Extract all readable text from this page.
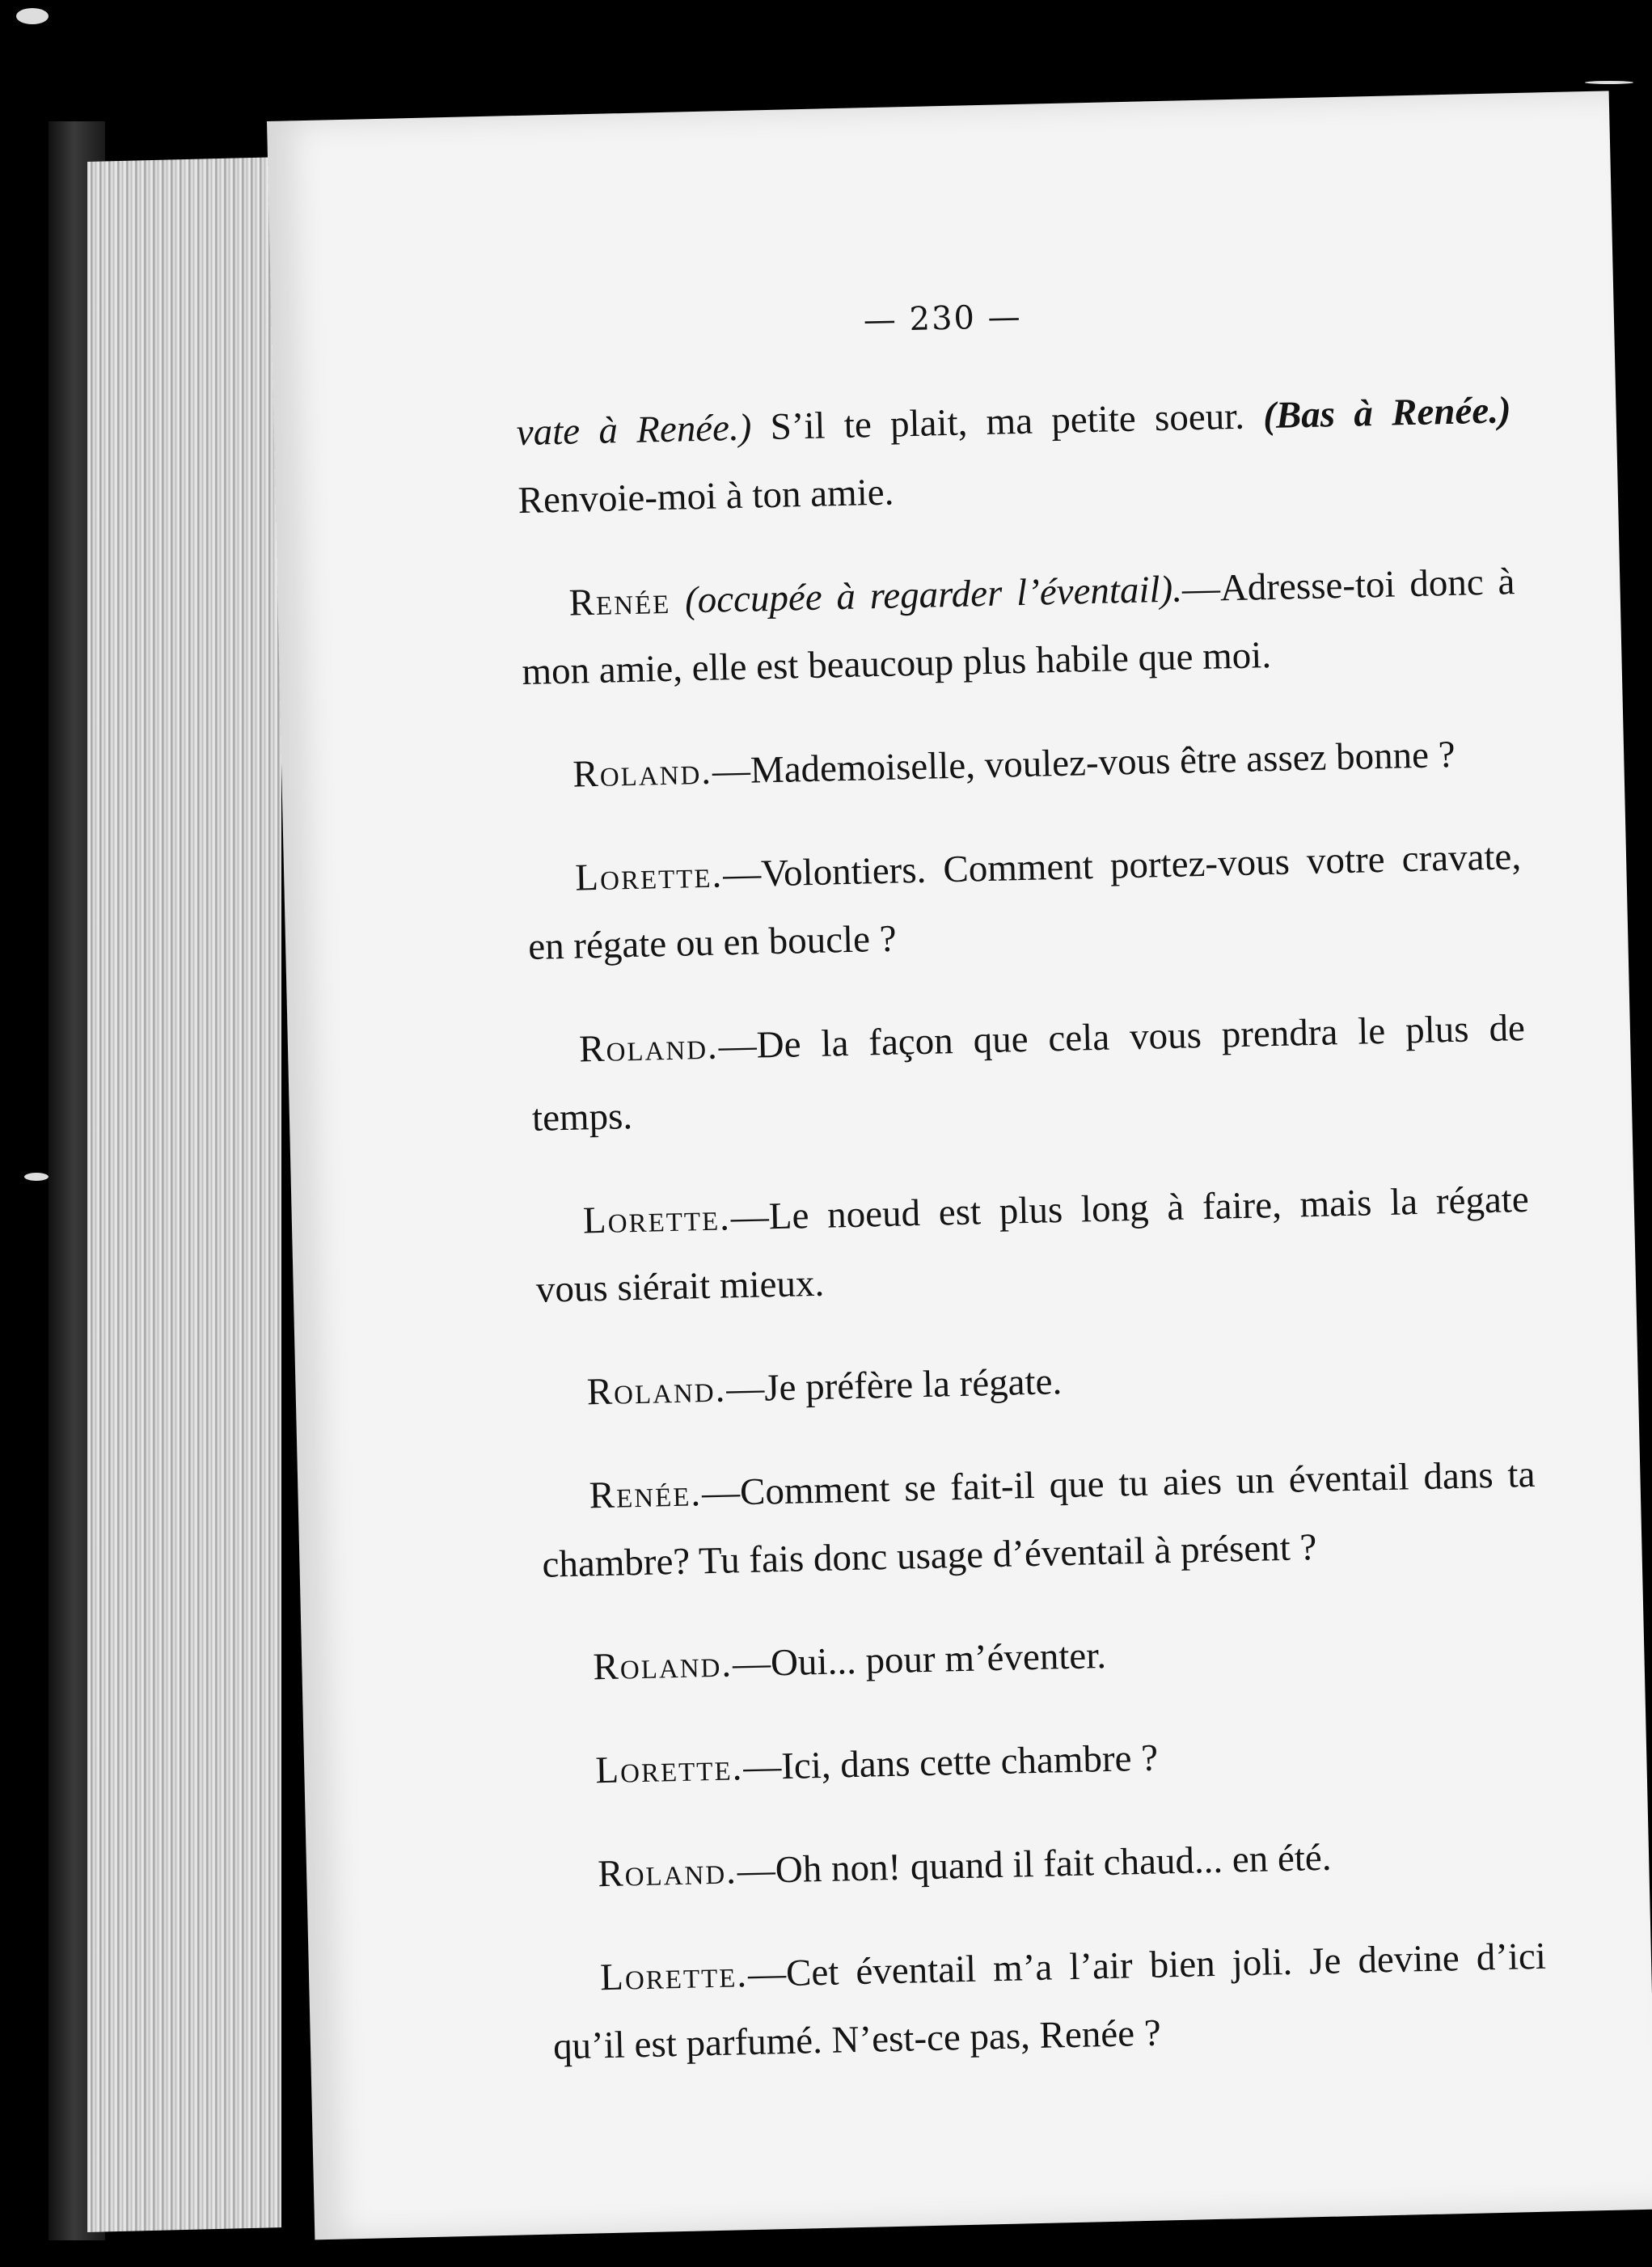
— 230 —

vate à Renée.) S’il te plait, ma petite soeur. (Bas à Renée.) Renvoie-moi à ton amie.

Renée (occupée à regarder l’éventail).—Adresse-toi donc à mon amie, elle est beaucoup plus habile que moi.

Roland.—Mademoiselle, voulez-vous être assez bonne ?

Lorette.—Volontiers. Comment portez-vous votre cravate, en régate ou en boucle ?

Roland.—De la façon que cela vous prendra le plus de temps.

Lorette.—Le noeud est plus long à faire, mais la régate vous siérait mieux.

Roland.—Je préfère la régate.

Renée.—Comment se fait-il que tu aies un éventail dans ta chambre? Tu fais donc usage d’éventail à présent ?

Roland.—Oui... pour m’éventer.

Lorette.—Ici, dans cette chambre ?

Roland.—Oh non! quand il fait chaud... en été.

Lorette.—Cet éventail m’a l’air bien joli. Je devine d’ici qu’il est parfumé. N’est-ce pas, Renée ?
